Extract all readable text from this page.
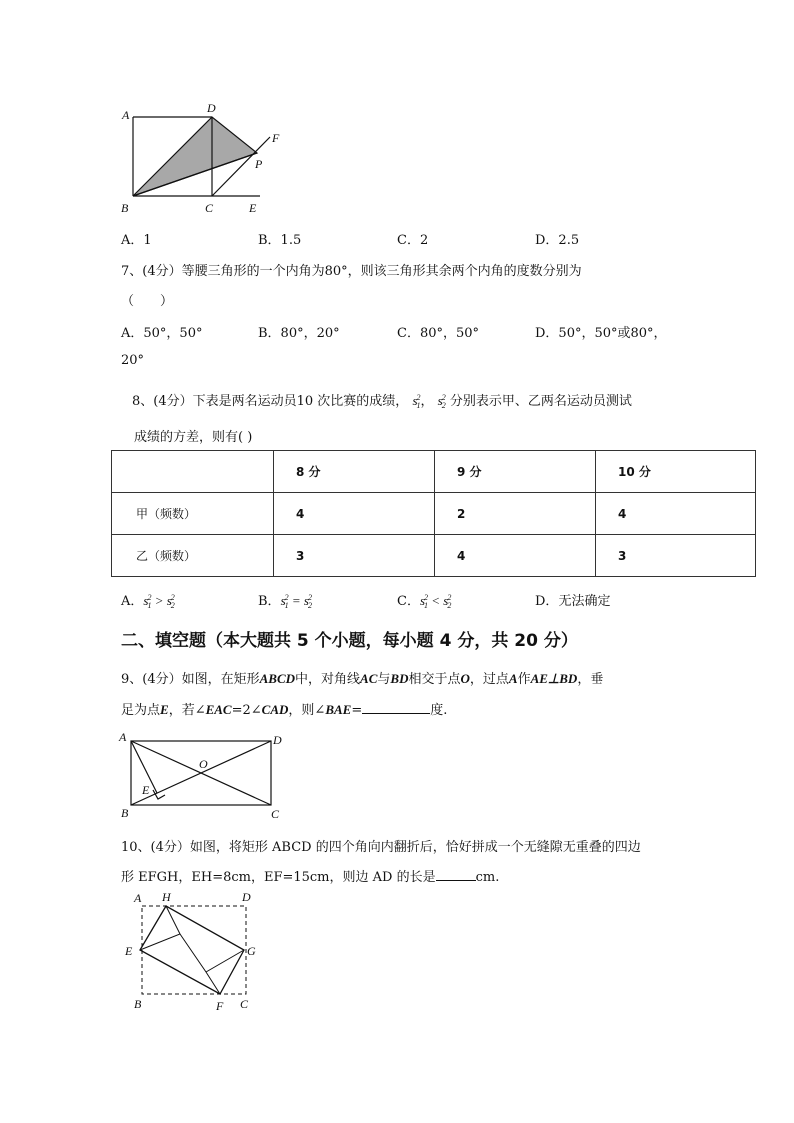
A	D
F
P
B	C	E
A．1	B．1.5	C．2	D．2.5
7、(4分）等腰三角形的一个内角为80°，则该三角形其余两个内角的度数分别为
（　　）
A．50°，50°	B．80°，20°	C．80°，50°	D．50°，50°或80°，
20°
8、(4分）下表是两名运动员10 次比赛的成绩， s 2
1 ， s 2
2 分别表示甲、乙两名运动员测试
成绩的方差，则有( )
	8 分	9 分	10 分
甲（频数）	4	2	4
乙（频数）	3	4	3
A．s 2
1 > s 2
2	B．s 2
1 = s 2
2	C．s 2
1 < s 2
2	D．无法确定
二、填空题（本大题共 5 个小题，每小题 4 分，共 20 分）
9、(4分）如图，在矩形ABCD中，对角线AC与BD相交于点O，过点A作AE⊥BD，垂
足为点E，若∠EAC=2∠CAD，则∠BAE=	度.
A	D
O
E
B	C
10、(4分）如图，将矩形 ABCD 的四个角向内翻折后，恰好拼成一个无缝隙无重叠的四边
形 EFGH，EH=8cm，EF=15cm，则边 AD 的长是	cm.
A H	D
E	G
B	F C
